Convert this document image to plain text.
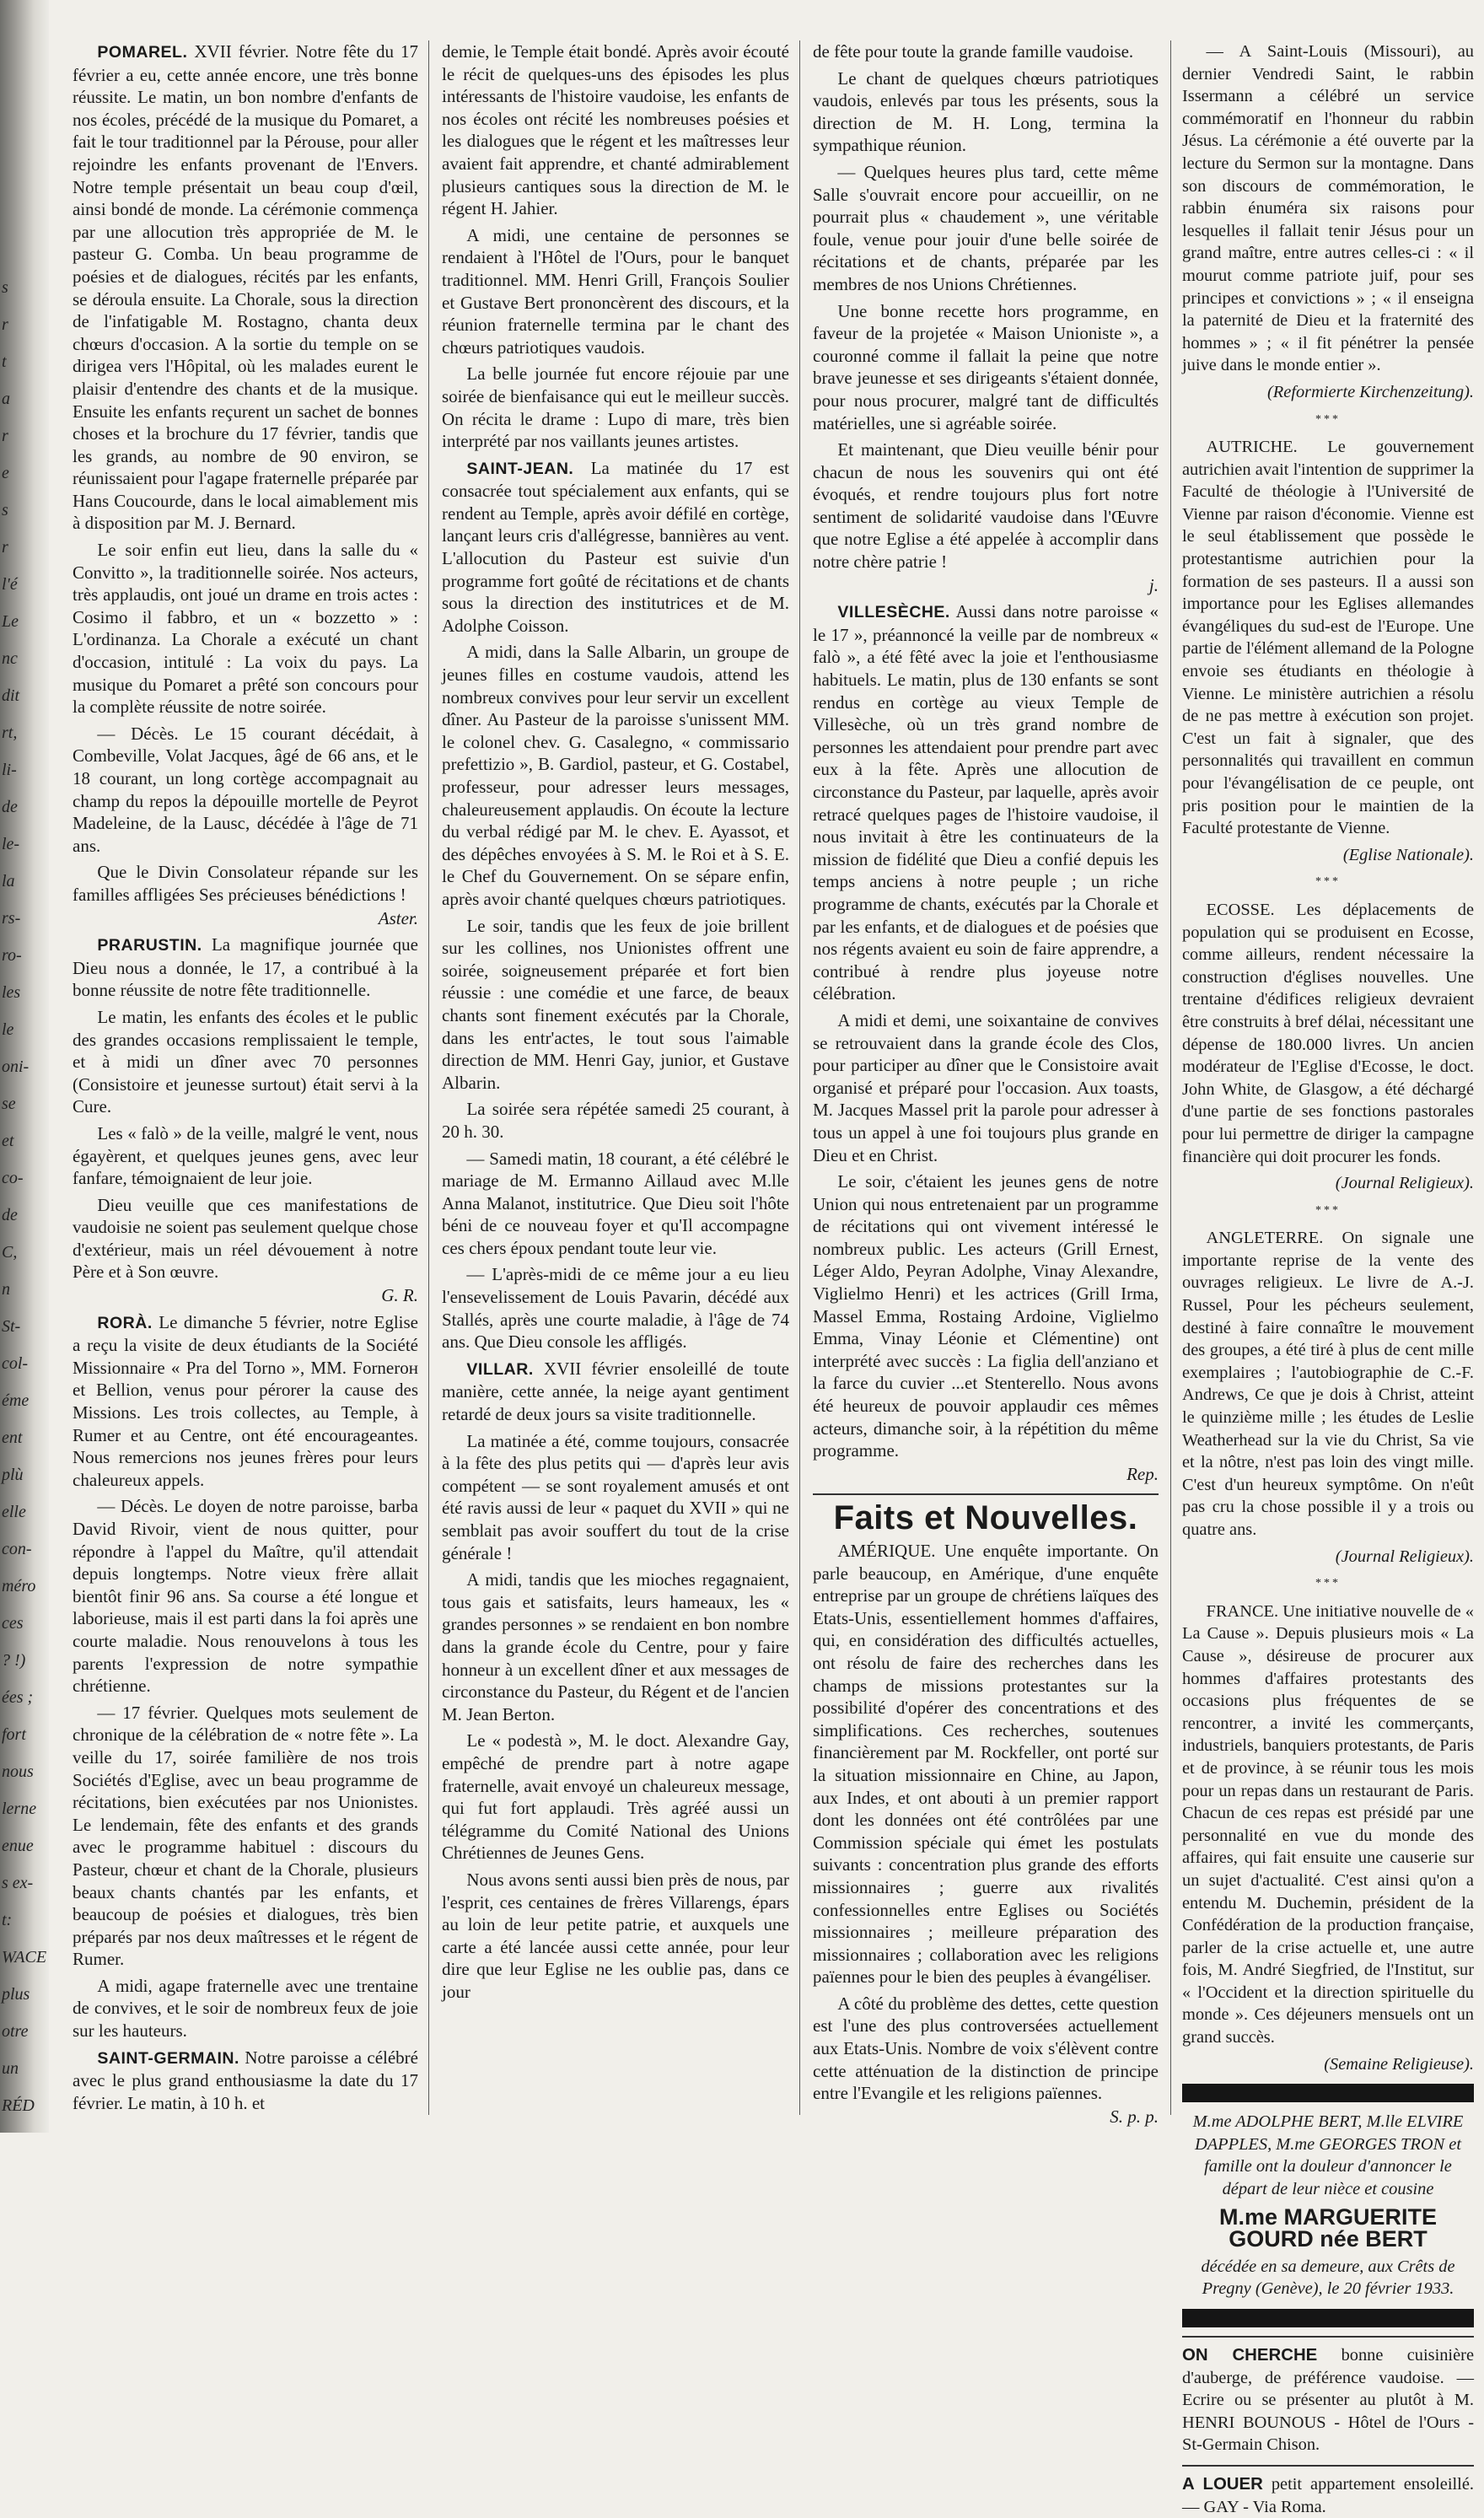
s
r
t
a
r
e
s
r
l'é
Le
nc
dit
rt,
li-
de
le-
la
rs-
ro-
les
le
oni-
se
et
co-
de
C,
n
St-
col-
éme
ent
plù
elle
con-
méro
ces
? !)
ées ;
fort
nous
lerne
enue
s ex-
t:
WACE
plus
otre
un
RÉD

POMAREL. XVII février. Notre fête du 17 février a eu, cette année encore, une très bonne réussite. Le matin, un bon nombre d'enfants de nos écoles, précédé de la musique du Pomaret, a fait le tour traditionnel par la Pérouse, pour aller rejoindre les enfants provenant de l'Envers. Notre temple présentait un beau coup d'œil, ainsi bondé de monde. La cérémonie commença par une allocution très appropriée de M. le pasteur G. Comba. Un beau programme de poésies et de dialogues, récités par les enfants, se déroula ensuite. La Chorale, sous la direction de l'infatigable M. Rostagno, chanta deux chœurs d'occasion. A la sortie du temple on se dirigea vers l'Hôpital, où les malades eurent le plaisir d'entendre des chants et de la musique. Ensuite les enfants reçurent un sachet de bonnes choses et la brochure du 17 février, tandis que les grands, au nombre de 90 environ, se réunissaient pour l'agape fraternelle préparée par Hans Coucourde, dans le local aimablement mis à disposition par M. J. Bernard.

Le soir enfin eut lieu, dans la salle du « Convitto », la traditionnelle soirée. Nos acteurs, très applaudis, ont joué un drame en trois actes : Cosimo il fabbro, et un « bozzetto » : L'ordinanza. La Chorale a exécuté un chant d'occasion, intitulé : La voix du pays. La musique du Pomaret a prêté son concours pour la complète réussite de notre soirée.

— Décès. Le 15 courant décédait, à Combeville, Volat Jacques, âgé de 66 ans, et le 18 courant, un long cortège accompagnait au champ du repos la dépouille mortelle de Peyrot Madeleine, de la Lausc, décédée à l'âge de 71 ans.

Que le Divin Consolateur répande sur les familles affligées Ses précieuses bénédictions !

Aster.

PRARUSTIN. La magnifique journée que Dieu nous a donnée, le 17, a contribué à la bonne réussite de notre fête traditionnelle.

Le matin, les enfants des écoles et le public des grandes occasions remplissaient le temple, et à midi un dîner avec 70 personnes (Consistoire et jeunesse surtout) était servi à la Cure.

Les « falò » de la veille, malgré le vent, nous égayèrent, et quelques jeunes gens, avec leur fanfare, témoignaient de leur joie.

Dieu veuille que ces manifestations de vaudoisie ne soient pas seulement quelque chose d'extérieur, mais un réel dévouement à notre Père et à Son œuvre.

G. R.

RORÀ. Le dimanche 5 février, notre Eglise a reçu la visite de deux étudiants de la Société Missionnaire « Pra del Torno », MM. Fornerон et Bellion, venus pour pérorer la cause des Missions. Les trois collectes, au Temple, à Rumer et au Centre, ont été encourageantes. Nous remercions nos jeunes frères pour leurs chaleureux appels.

— Décès. Le doyen de notre paroisse, barba David Rivoir, vient de nous quitter, pour répondre à l'appel du Maître, qu'il attendait depuis longtemps. Notre vieux frère allait bientôt finir 96 ans. Sa course a été longue et laborieuse, mais il est parti dans la foi après une courte maladie. Nous renouvelons à tous les parents l'expression de notre sympathie chrétienne.

— 17 février. Quelques mots seulement de chronique de la célébration de « notre fête ». La veille du 17, soirée familière de nos trois Sociétés d'Eglise, avec un beau programme de récitations, bien exécutées par nos Unionistes. Le lendemain, fête des enfants et des grands avec le programme habituel : discours du Pasteur, chœur et chant de la Chorale, plusieurs beaux chants chantés par les enfants, et beaucoup de poésies et dialogues, très bien préparés par nos deux maîtresses et le régent de Rumer.

A midi, agape fraternelle avec une trentaine de convives, et le soir de nombreux feux de joie sur les hauteurs.

SAINT-GERMAIN. Notre paroisse a célébré avec le plus grand enthousiasme la date du 17 février. Le matin, à 10 h. et

demie, le Temple était bondé. Après avoir écouté le récit de quelques-uns des épisodes les plus intéressants de l'histoire vaudoise, les enfants de nos écoles ont récité les nombreuses poésies et les dialogues que le régent et les maîtresses leur avaient fait apprendre, et chanté admirablement plusieurs cantiques sous la direction de M. le régent H. Jahier.

A midi, une centaine de personnes se rendaient à l'Hôtel de l'Ours, pour le banquet traditionnel. MM. Henri Grill, François Soulier et Gustave Bert prononcèrent des discours, et la réunion fraternelle termina par le chant des chœurs patriotiques vaudois.

La belle journée fut encore réjouie par une soirée de bienfaisance qui eut le meilleur succès. On récita le drame : Lupo di mare, très bien interprété par nos vaillants jeunes artistes.

SAINT-JEAN. La matinée du 17 est consacrée tout spécialement aux enfants, qui se rendent au Temple, après avoir défilé en cortège, lançant leurs cris d'allégresse, bannières au vent. L'allocution du Pasteur est suivie d'un programme fort goûté de récitations et de chants sous la direction des institutrices et de M. Adolphe Coisson.

A midi, dans la Salle Albarin, un groupe de jeunes filles en costume vaudois, attend les nombreux convives pour leur servir un excellent dîner. Au Pasteur de la paroisse s'unissent MM. le colonel chev. G. Casalegno, « commissario prefettizio », B. Gardiol, pasteur, et G. Costabel, professeur, pour adresser leurs messages, chaleureusement applaudis. On écoute la lecture du verbal rédigé par M. le chev. E. Ayassot, et des dépêches envoyées à S. M. le Roi et à S. E. le Chef du Gouvernement. On se sépare enfin, après avoir chanté quelques chœurs patriotiques.

Le soir, tandis que les feux de joie brillent sur les collines, nos Unionistes offrent une soirée, soigneusement préparée et fort bien réussie : une comédie et une farce, de beaux chants sont finement exécutés par la Chorale, dans les entr'actes, le tout sous l'aimable direction de MM. Henri Gay, junior, et Gustave Albarin.

La soirée sera répétée samedi 25 courant, à 20 h. 30.

— Samedi matin, 18 courant, a été célébré le mariage de M. Ermanno Aillaud avec M.lle Anna Malanot, institutrice. Que Dieu soit l'hôte béni de ce nouveau foyer et qu'Il accompagne ces chers époux pendant toute leur vie.

— L'après-midi de ce même jour a eu lieu l'ensevelissement de Louis Pavarin, décédé aux Stallés, après une courte maladie, à l'âge de 74 ans. Que Dieu console les affligés.

VILLAR. XVII février ensoleillé de toute manière, cette année, la neige ayant gentiment retardé de deux jours sa visite traditionnelle.

La matinée a été, comme toujours, consacrée à la fête des plus petits qui — d'après leur avis compétent — se sont royalement amusés et ont été ravis aussi de leur « paquet du XVII » qui ne semblait pas avoir souffert du tout de la crise générale !

A midi, tandis que les mioches regagnaient, tous gais et satisfaits, leurs hameaux, les « grandes personnes » se rendaient en bon nombre dans la grande école du Centre, pour y faire honneur à un excellent dîner et aux messages de circonstance du Pasteur, du Régent et de l'ancien M. Jean Berton.

Le « podestà », M. le doct. Alexandre Gay, empêché de prendre part à notre agape fraternelle, avait envoyé un chaleureux message, qui fut fort applaudi. Très agréé aussi un télégramme du Comité National des Unions Chrétiennes de Jeunes Gens.

Nous avons senti aussi bien près de nous, par l'esprit, ces centaines de frères Villarengs, épars au loin de leur petite patrie, et auxquels une carte a été lancée aussi cette année, pour leur dire que leur Eglise ne les oublie pas, dans ce jour

de fête pour toute la grande famille vaudoise.

Le chant de quelques chœurs patriotiques vaudois, enlevés par tous les présents, sous la direction de M. H. Long, termina la sympathique réunion.

— Quelques heures plus tard, cette même Salle s'ouvrait encore pour accueillir, on ne pourrait plus « chaudement », une véritable foule, venue pour jouir d'une belle soirée de récitations et de chants, préparée par les membres de nos Unions Chrétiennes.

Une bonne recette hors programme, en faveur de la projetée « Maison Unioniste », a couronné comme il fallait la peine que notre brave jeunesse et ses dirigeants s'étaient donnée, pour nous procurer, malgré tant de difficultés matérielles, une si agréable soirée.

Et maintenant, que Dieu veuille bénir pour chacun de nous les souvenirs qui ont été évoqués, et rendre toujours plus fort notre sentiment de solidarité vaudoise dans l'Œuvre que notre Eglise a été appelée à accomplir dans notre chère patrie !

j.

VILLESÈCHE. Aussi dans notre paroisse « le 17 », préannoncé la veille par de nombreux « falò », a été fêté avec la joie et l'enthousiasme habituels. Le matin, plus de 130 enfants se sont rendus en cortège au vieux Temple de Villesèche, où un très grand nombre de personnes les attendaient pour prendre part avec eux à la fête. Après une allocution de circonstance du Pasteur, par laquelle, après avoir retracé quelques pages de l'histoire vaudoise, il nous invitait à être les continuateurs de la mission de fidélité que Dieu a confié depuis les temps anciens à notre peuple ; un riche programme de chants, exécutés par la Chorale et par les enfants, et de dialogues et de poésies que nos régents avaient eu soin de faire apprendre, a contribué à rendre plus joyeuse notre célébration.

A midi et demi, une soixantaine de convives se retrouvaient dans la grande école des Clos, pour participer au dîner que le Consistoire avait organisé et préparé pour l'occasion. Aux toasts, M. Jacques Massel prit la parole pour adresser à tous un appel à une foi toujours plus grande en Dieu et en Christ.

Le soir, c'étaient les jeunes gens de notre Union qui nous entretenaient par un programme de récitations qui ont vivement intéressé le nombreux public. Les acteurs (Grill Ernest, Léger Aldo, Peyran Adolphe, Vinay Alexandre, Viglielmo Henri) et les actrices (Grill Irma, Massel Emma, Rostaing Ardoine, Viglielmo Emma, Vinay Léonie et Clémentine) ont interprété avec succès : La figlia dell'anziano et la farce du cuvier ...et Stenterello. Nous avons été heureux de pouvoir applaudir ces mêmes acteurs, dimanche soir, à la répétition du même programme.

Rep.

Faits et Nouvelles.

AMÉRIQUE. Une enquête importante. On parle beaucoup, en Amérique, d'une enquête entreprise par un groupe de chrétiens laïques des Etats-Unis, essentiellement hommes d'affaires, qui, en considération des difficultés actuelles, ont résolu de faire des recherches dans les champs de missions protestantes sur la possibilité d'opérer des concentrations et des simplifications. Ces recherches, soutenues financièrement par M. Rockfeller, ont porté sur la situation missionnaire en Chine, au Japon, aux Indes, et ont abouti à un premier rapport dont les données ont été contrôlées par une Commission spéciale qui émet les postulats suivants : concentration plus grande des efforts missionnaires ; guerre aux rivalités confessionnelles entre Eglises ou Sociétés missionnaires ; meilleure préparation des missionnaires ; collaboration avec les religions païennes pour le bien des peuples à évangéliser.

A côté du problème des dettes, cette question est l'une des plus controversées actuellement aux Etats-Unis. Nombre de voix s'élèvent contre cette atténuation de la distinction de principe entre l'Evangile et les religions païennes.

S. p. p.

— A Saint-Louis (Missouri), au dernier Vendredi Saint, le rabbin Issermann a célébré un service commémoratif en l'honneur du rabbin Jésus. La cérémonie a été ouverte par la lecture du Sermon sur la montagne. Dans son discours de commémoration, le rabbin énuméra six raisons pour lesquelles il fallait tenir Jésus pour un grand maître, entre autres celles-ci : « il mourut comme patriote juif, pour ses principes et convictions » ; « il enseigna la paternité de Dieu et la fraternité des hommes » ; « il fit pénétrer la pensée juive dans le monde entier ».

(Reformierte Kirchenzeitung).

***

AUTRICHE. Le gouvernement autrichien avait l'intention de supprimer la Faculté de théologie à l'Université de Vienne par raison d'économie. Vienne est le seul établissement que possède le protestantisme autrichien pour la formation de ses pasteurs. Il a aussi son importance pour les Eglises allemandes évangéliques du sud-est de l'Europe. Une partie de l'élément allemand de la Pologne envoie ses étudiants en théologie à Vienne. Le ministère autrichien a résolu de ne pas mettre à exécution son projet. C'est un fait à signaler, que des personnalités qui travaillent en commun pour l'évangélisation de ce peuple, ont pris position pour le maintien de la Faculté protestante de Vienne.

(Eglise Nationale).

***

ECOSSE. Les déplacements de population qui se produisent en Ecosse, comme ailleurs, rendent nécessaire la construction d'églises nouvelles. Une trentaine d'édifices religieux devraient être construits à bref délai, nécessitant une dépense de 180.000 livres. Un ancien modérateur de l'Eglise d'Ecosse, le doct. John White, de Glasgow, a été déchargé d'une partie de ses fonctions pastorales pour lui permettre de diriger la campagne financière qui doit procurer les fonds.

(Journal Religieux).

***

ANGLETERRE. On signale une importante reprise de la vente des ouvrages religieux. Le livre de A.-J. Russel, Pour les pécheurs seulement, destiné à faire connaître le mouvement des groupes, a été tiré à plus de cent mille exemplaires ; l'autobiographie de C.-F. Andrews, Ce que je dois à Christ, atteint le quinzième mille ; les études de Leslie Weatherhead sur la vie du Christ, Sa vie et la nôtre, n'est pas loin des vingt mille. C'est d'un heureux symptôme. On n'eût pas cru la chose possible il y a trois ou quatre ans.

(Journal Religieux).

***

FRANCE. Une initiative nouvelle de « La Cause ». Depuis plusieurs mois « La Cause », désireuse de procurer aux hommes d'affaires protestants des occasions plus fréquentes de se rencontrer, a invité les commerçants, industriels, banquiers protestants, de Paris et de province, à se réunir tous les mois pour un repas dans un restaurant de Paris. Chacun de ces repas est présidé par une personnalité en vue du monde des affaires, qui fait ensuite une causerie sur un sujet d'actualité. C'est ainsi qu'on a entendu M. Duchemin, président de la Confédération de la production française, parler de la crise actuelle et, une autre fois, M. André Siegfried, de l'Institut, sur « l'Occident et la direction spirituelle du monde ». Ces déjeuners mensuels ont un grand succès.

(Semaine Religieuse).

M.me ADOLPHE BERT, M.lle ELVIRE DAPPLES, M.me GEORGES TRON et famille ont la douleur d'annoncer le départ de leur nièce et cousine

M.me MARGUERITE GOURD née BERT

décédée en sa demeure, aux Crêts de Pregny (Genève), le 20 février 1933.

ON CHERCHE bonne cuisinière d'auberge, de préférence vaudoise. — Ecrire ou se présenter au plutôt à M. HENRI BOUNOUS - Hôtel de l'Ours - St-Germain Chison.

A LOUER petit appartement ensoleillé. — GAY - Via Roma.
